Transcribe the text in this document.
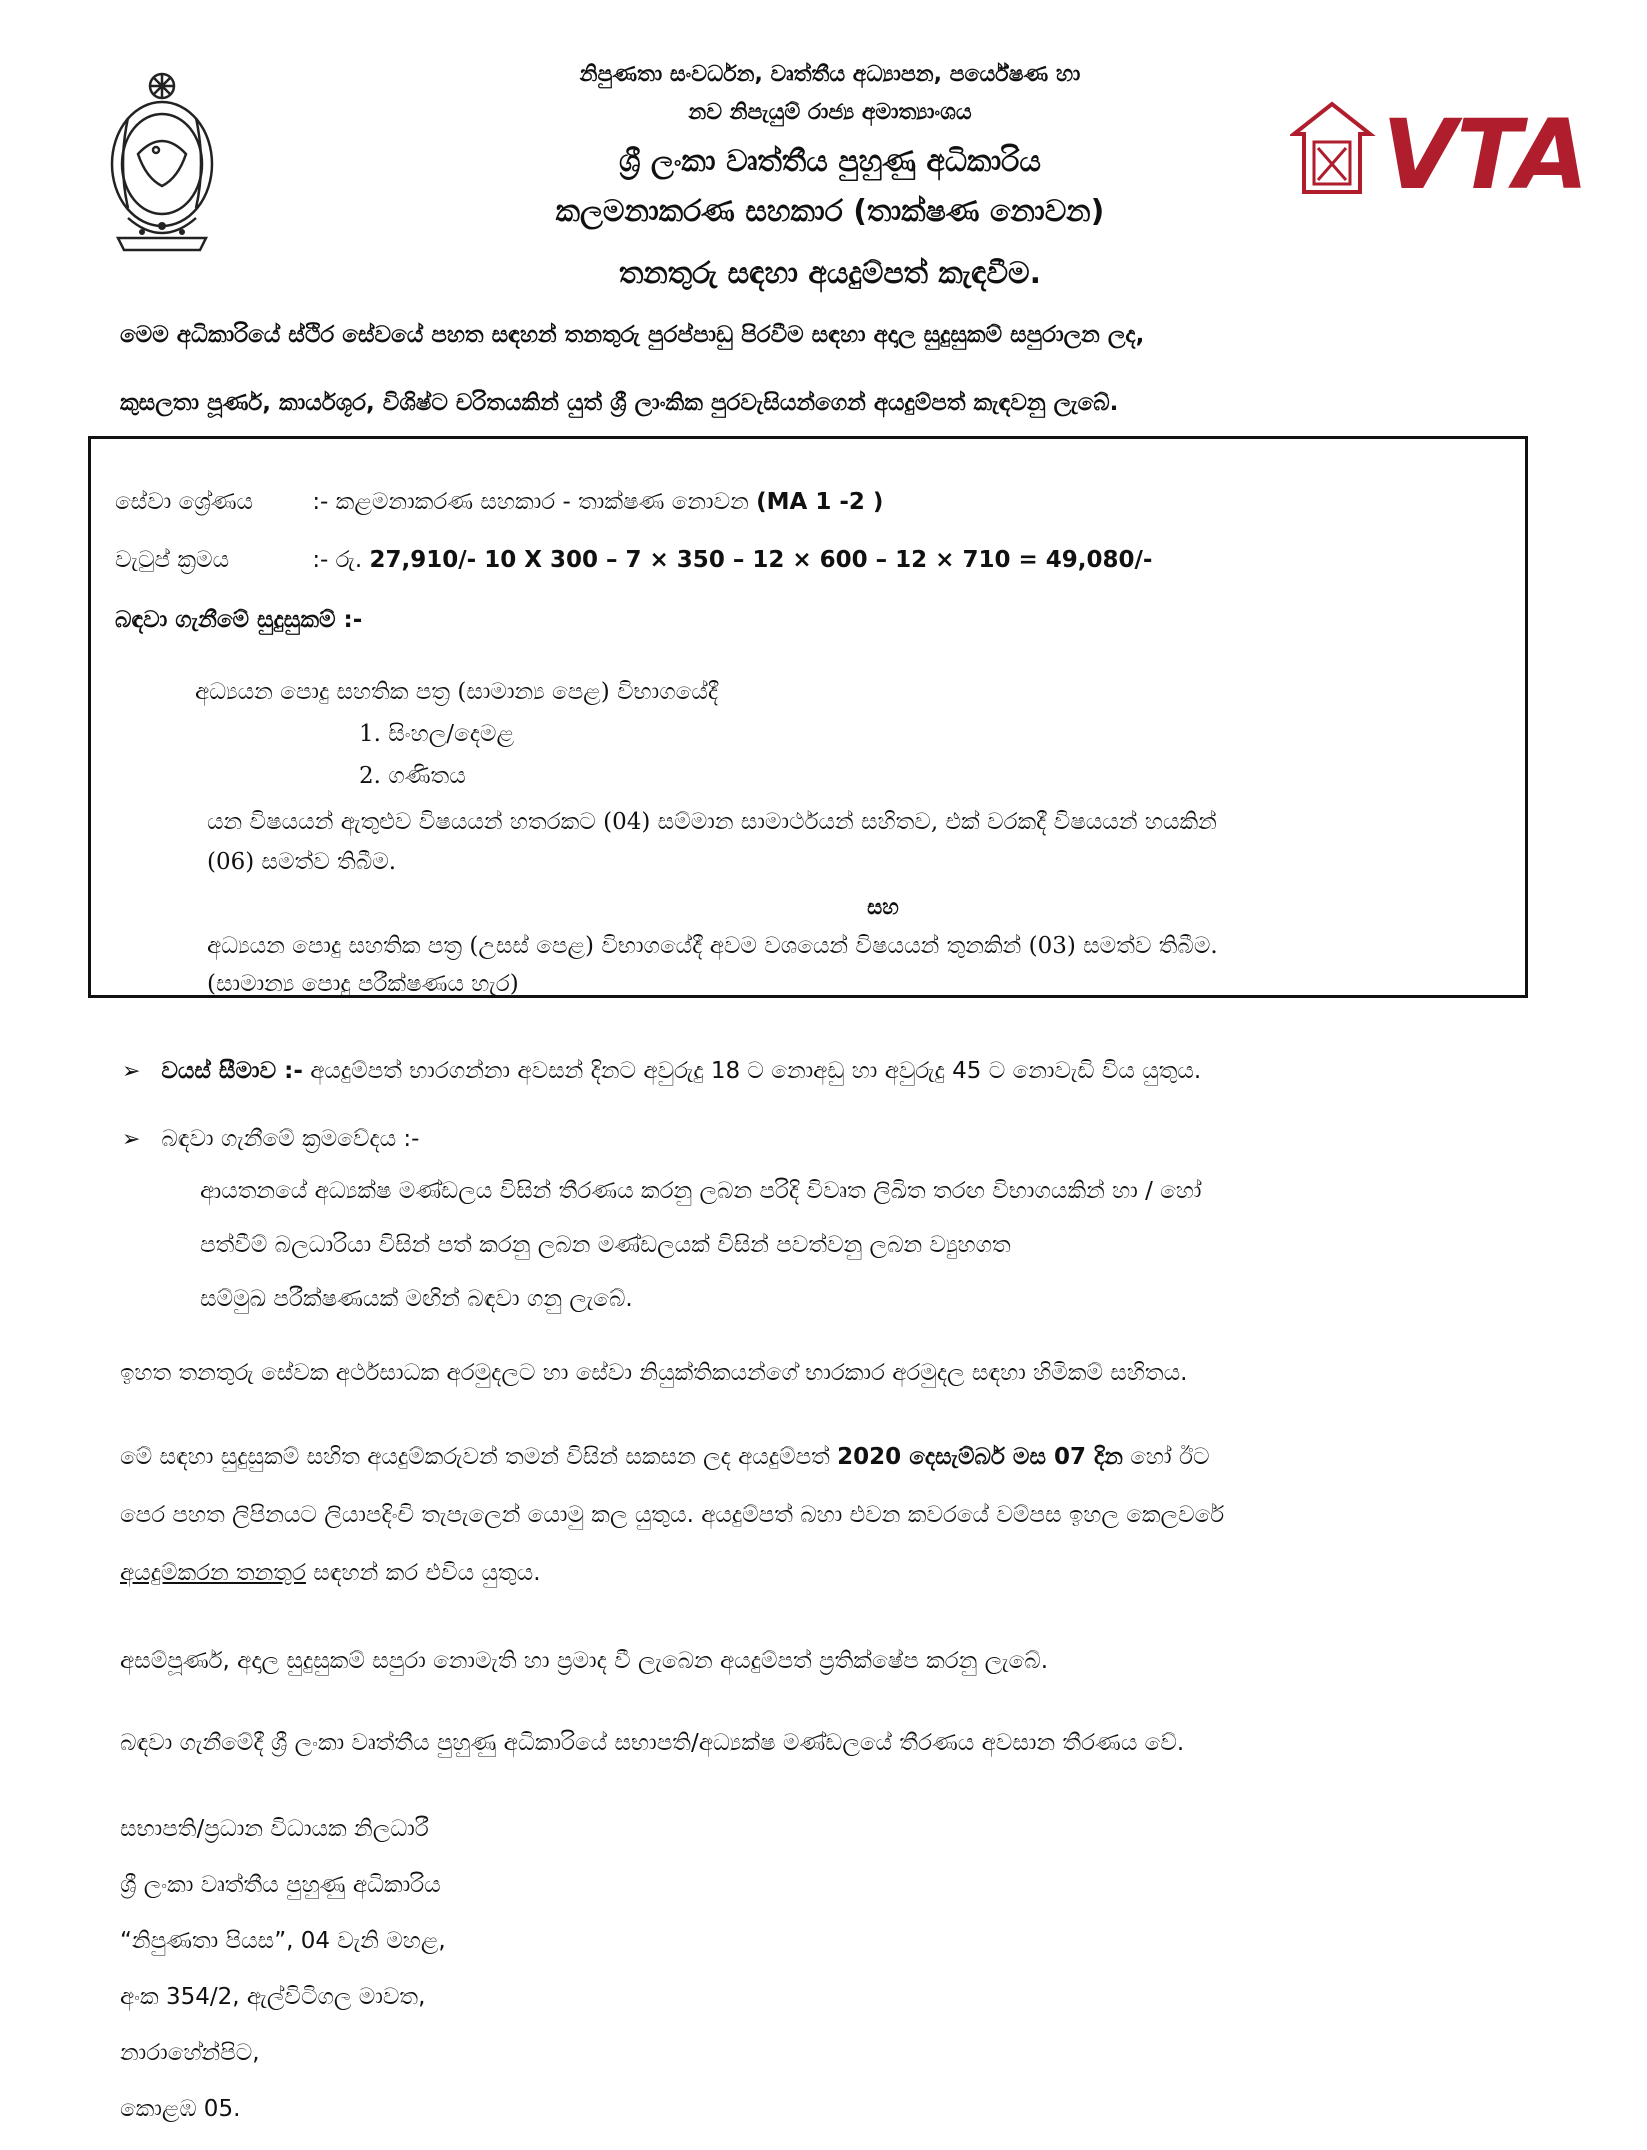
VTA
නිපුණතා සංවර්ධන, වෘත්තීය අධ්‍යාපන, පර්යේෂණ හා
නව නිපැයුම් රාජ්‍ය අමාත්‍යාංශය
ශ්‍රී ලංකා වෘත්තීය පුහුණු අධිකාරිය
කලමනාකරණ සහකාර (තාක්ෂණ නොවන)
තනතුරු සඳහා අයදුම්පත් කැඳවීම.
මෙම අධිකාරියේ ස්ථිර සේවයේ පහත සඳහන් තනතුරු පුරප්පාඩු පිරවීම සඳහා අදාල සුදුසුකම් සපුරාලන ලද,
කුසලතා පූර්ණ, කාර්යශූර, විශිෂ්ට චරිතයකින් යුත් ශ්‍රී ලාංකික පුරවැසියන්ගෙන් අයදුම්පත් කැඳවනු ලැබේ.
සේවා ශ්‍රේණය	:- කළමනාකරණ සහකාර - තාක්ෂණ නොවන (MA 1 -2 )
වැටුප් ක්‍රමය	:- රු. 27,910/- 10 X 300 – 7 × 350 – 12 × 600 – 12 × 710 = 49,080/-
බඳවා ගැනීමේ සුදුසුකම් :-
අධ්‍යයන පොදු සහතික පත්‍ර (සාමාන්‍ය පෙළ) විභාගයේදී
1. සිංහල/දෙමළ
2. ගණිතය
යන විෂයයන් ඇතුළුව විෂයයන් හතරකට (04) සම්මාන සාමාර්ථයන් සහිතව, එක් වරකදී විෂයයන් හයකින්
(06) සමත්ව තිබීම.
සහ
අධ්‍යයන පොදු සහතික පත්‍ර (උසස් පෙළ) විභාගයේදී අවම වශයෙන් විෂයයන් තුනකින් (03) සමත්ව තිබීම.
(සාමාන්‍ය පොදු පරීක්ෂණය හැර)
➢ වයස් සීමාව :- අයදුම්පත් භාරගන්නා අවසන් දිනට අවුරුදු 18 ට නොඅඩු හා අවුරුදු 45 ට නොවැඩි විය යුතුය.
➢ බඳවා ගැනීමේ ක්‍රමවේදය :-
ආයතනයේ අධ්‍යක්ෂ මණ්ඩලය විසින් තීරණය කරනු ලබන පරිදි විවෘත ලිඛිත තරඟ විභාගයකින් හා / හෝ
පත්වීම් බලධාරියා විසින් පත් කරනු ලබන මණ්ඩලයක් විසින් පවත්වනු ලබන ව්‍යුහගත
සම්මුඛ පරීක්ෂණයක් මඟින් බඳවා ගනු ලැබේ.
ඉහත තනතුරු සේවක අර්ථසාධක අරමුදලට හා සේවා නියුක්තිකයන්ගේ භාරකාර අරමුදල සඳහා හිමිකම් සහිතය.
මේ සඳහා සුදුසුකම් සහිත අයදුම්කරුවන් තමන් විසින් සකසන ලද අයදුම්පත් 2020 දෙසැම්බර් මස 07 දින හෝ ඊට
පෙර පහත ලිපිනයට ලියාපදිංචි තැපැලෙන් යොමු කල යුතුය. අයදුම්පත් බහා එවන කවරයේ වම්පස ඉහල කෙලවරේ
අයදුම්කරන තනතුර සඳහන් කර එවිය යුතුය.
අසම්පූර්ණ, අදාල සුදුසුකම් සපුරා නොමැති හා ප්‍රමාද වී ලැබෙන අයදුම්පත් ප්‍රතික්ෂේප කරනු ලැබේ.
බඳවා ගැනීමේදී ශ්‍රී ලංකා වෘත්තීය පුහුණු අධිකාරියේ සභාපති/අධ්‍යක්ෂ මණ්ඩලයේ තීරණය අවසාන තීරණය වේ.
සභාපති/ප්‍රධාන විධායක නිලධාරී
ශ්‍රී ලංකා වෘත්තීය පුහුණු අධිකාරිය
“නිපුණතා පියස”, 04 වැනි මහළ,
අංක 354/2, ඇල්විටිගල මාවත,
නාරාහේන්පිට,
කොළඹ 05.
